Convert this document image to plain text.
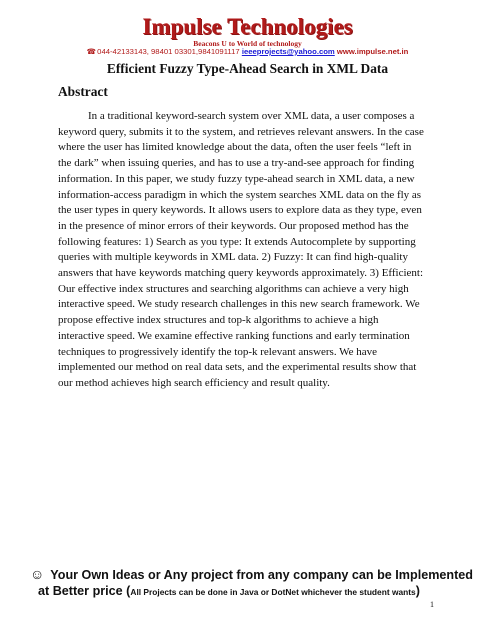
Impulse Technologies
Beacons U to World of technology
☎044-42133143, 98401 03301,9841091117 ieeeprojects@yahoo.com www.impulse.net.in
Efficient Fuzzy Type-Ahead Search in XML Data
Abstract
In a traditional keyword-search system over XML data, a user composes a
keyword query, submits it to the system, and retrieves relevant answers. In the case
where the user has limited knowledge about the data, often the user feels “left in
the dark” when issuing queries, and has to use a try-and-see approach for finding
information. In this paper, we study fuzzy type-ahead search in XML data, a new
information-access paradigm in which the system searches XML data on the fly as
the user types in query keywords. It allows users to explore data as they type, even
in the presence of minor errors of their keywords. Our proposed method has the
following features: 1) Search as you type: It extends Autocomplete by supporting
queries with multiple keywords in XML data. 2) Fuzzy: It can find high-quality
answers that have keywords matching query keywords approximately. 3) Efficient:
Our effective index structures and searching algorithms can achieve a very high
interactive speed. We study research challenges in this new search framework. We
propose effective index structures and top-k algorithms to achieve a high
interactive speed. We examine effective ranking functions and early termination
techniques to progressively identify the top-k relevant answers. We have
implemented our method on real data sets, and the experimental results show that
our method achieves high search efficiency and result quality.
☺ Your Own Ideas or Any project from any company can be Implemented
at Better price (All Projects can be done in Java or DotNet whichever the student wants)
1
